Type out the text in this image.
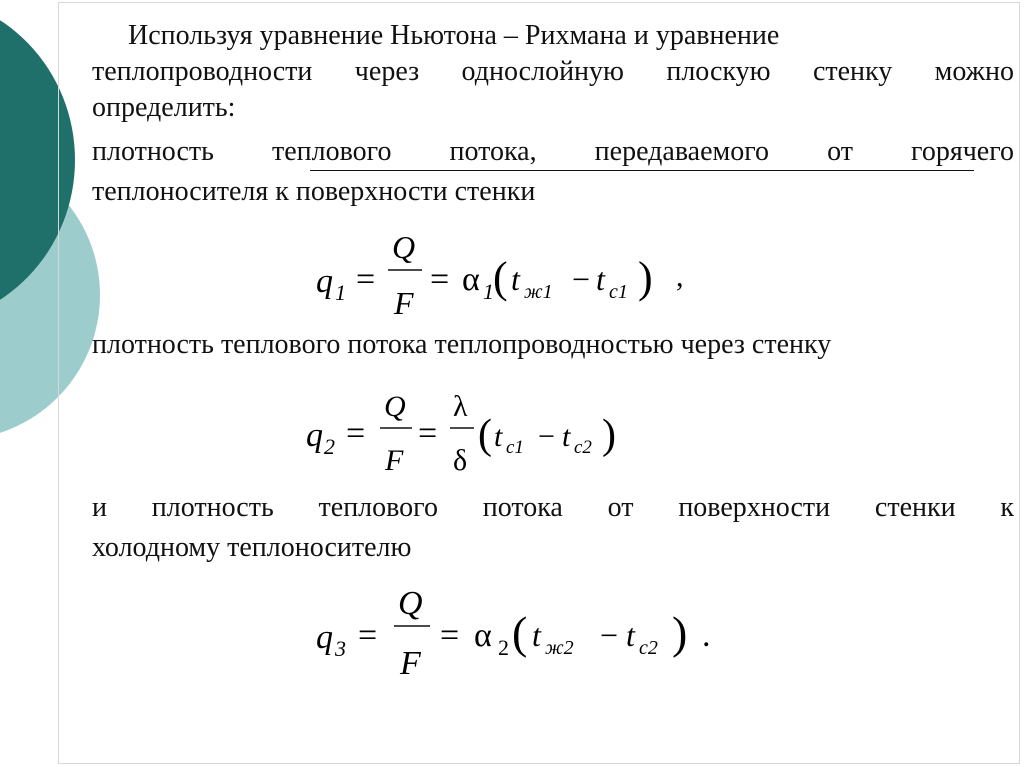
Используя уравнение Ньютона – Рихмана и уравнение

теплопроводности через однослойную плоскую стенку можно

определить:

плотность теплового потока, передаваемого от горячего

теплоносителя к поверхности стенки

q 1 =
Q
F
= α 1 ( t ж1 − t с1 ) ,

плотность теплового потока теплопроводностью через стенку

q 2 =
Q
F
=
λ
δ
( t с1 − t с2 )

и плотность теплового потока от поверхности стенки к

холодному теплоносителю

q 3 =
Q
F
= α 2 ( t ж2 − t с2 ) .
